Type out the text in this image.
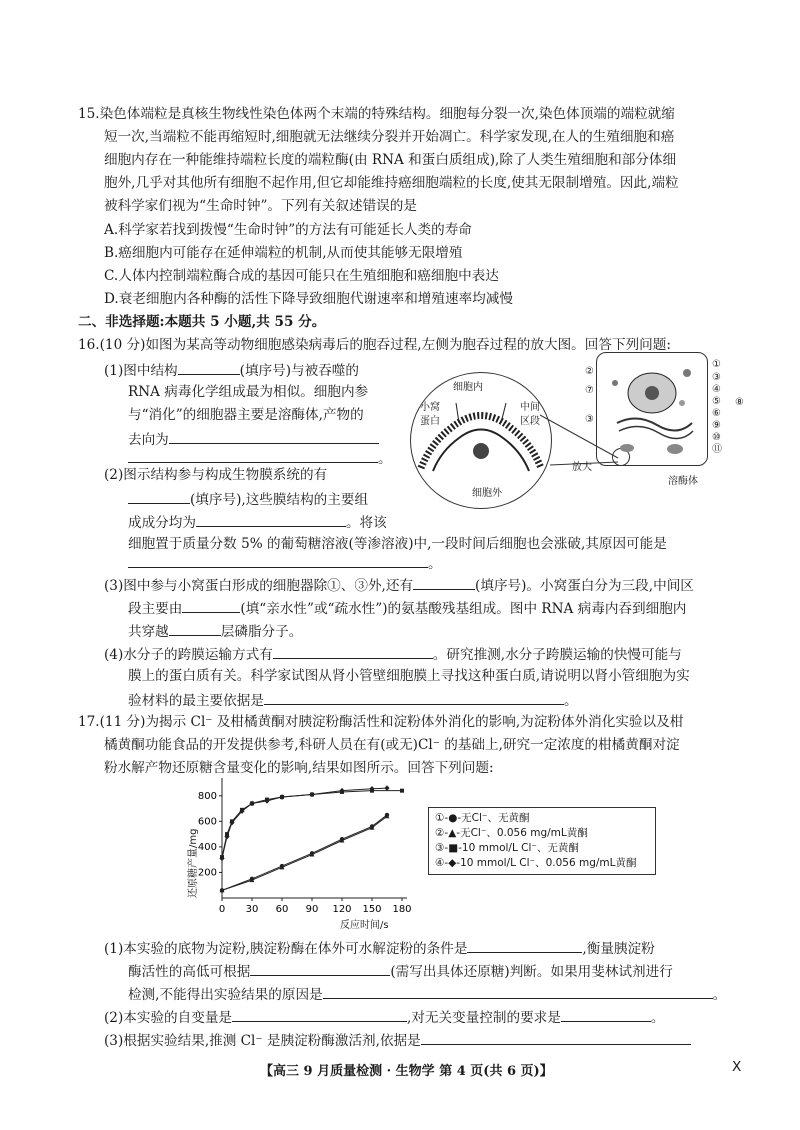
15.染色体端粒是真核生物线性染色体两个末端的特殊结构。细胞每分裂一次,染色体顶端的端粒就缩
短一次,当端粒不能再缩短时,细胞就无法继续分裂并开始凋亡。科学家发现,在人的生殖细胞和癌
细胞内存在一种能维持端粒长度的端粒酶(由 RNA 和蛋白质组成),除了人类生殖细胞和部分体细
胞外,几乎对其他所有细胞不起作用,但它却能维持癌细胞端粒的长度,使其无限制增殖。因此,端粒
被科学家们视为“生命时钟”。下列有关叙述错误的是
A.科学家若找到拨慢“生命时钟”的方法有可能延长人类的寿命
B.癌细胞内可能存在延伸端粒的机制,从而使其能够无限增殖
C.人体内控制端粒酶合成的基因可能只在生殖细胞和癌细胞中表达
D.衰老细胞内各种酶的活性下降导致细胞代谢速率和增殖速率均减慢
二、非选择题:本题共 5 小题,共 55 分。
16.(10 分)如图为某高等动物细胞感染病毒后的胞吞过程,左侧为胞吞过程的放大图。回答下列问题:
(1)图中结构	(填序号)与被吞噬的
RNA 病毒化学组成最为相似。细胞内参
与“消化”的细胞器主要是溶酶体,产物的
去向为
。
(2)图示结构参与构成生物膜系统的有
(填序号),这些膜结构的主要组
成成分均为	。将该
细胞置于质量分数 5% 的葡萄糖溶液(等渗溶液)中,一段时间后细胞也会涨破,其原因可能是
。
(3)图中参与小窝蛋白形成的细胞器除①、③外,还有	(填序号)。小窝蛋白分为三段,中间区
段主要由	(填“亲水性”或“疏水性”)的氨基酸残基组成。图中 RNA 病毒内吞到细胞内
共穿越	层磷脂分子。
(4)水分子的跨膜运输方式有	。研究推测,水分子跨膜运输的快慢可能与
膜上的蛋白质有关。科学家试图从肾小管壁细胞膜上寻找这种蛋白质,请说明以肾小管细胞为实
验材料的最主要依据是	。
细胞内
小窝
蛋白
中间
区段
细胞外
放大
①
②
③
④
⑦
⑤ ⑧
⑥
③
⑨
⑩
⑪
溶酶体
17.(11 分)为揭示 Cl⁻ 及柑橘黄酮对胰淀粉酶活性和淀粉体外消化的影响,为淀粉体外消化实验以及柑
橘黄酮功能食品的开发提供参考,科研人员在有(或无)Cl⁻ 的基础上,研究一定浓度的柑橘黄酮对淀
粉水解产物还原糖含量变化的影响,结果如图所示。回答下列问题:
0 30 60 90 120 150 180
200
400
600
800
还原糖产量/mg
反应时间/s
①-●-无Cl⁻、无黄酮
②-▲-无Cl⁻、0.056 mg/mL黄酮
③-■-10 mmol/L Cl⁻、无黄酮
④-◆-10 mmol/L Cl⁻、0.056 mg/mL黄酮
(1)本实验的底物为淀粉,胰淀粉酶在体外可水解淀粉的条件是	,衡量胰淀粉
酶活性的高低可根据	(需写出具体还原糖)判断。如果用斐林试剂进行
检测,不能得出实验结果的原因是	。
(2)本实验的自变量是	,对无关变量控制的要求是	。
(3)根据实验结果,推测 Cl⁻ 是胰淀粉酶激活剂,依据是
【高三 9 月质量检测 · 生物学 第 4 页(共 6 页)】	X
